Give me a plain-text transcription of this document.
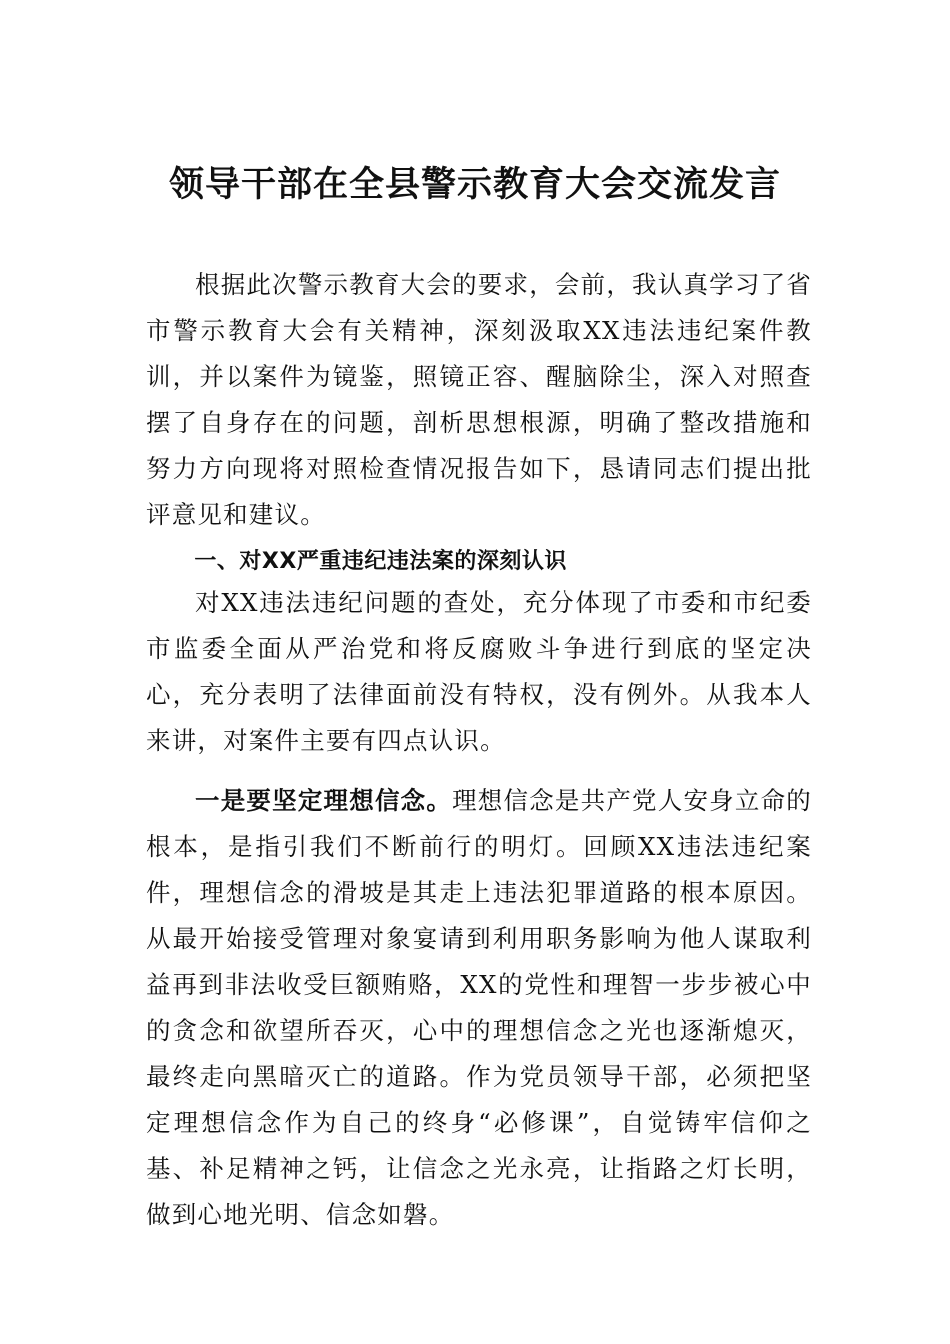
领导干部在全县警示教育大会交流发言

根据此次警示教育大会的要求，会前，我认真学习了省市警示教育大会有关精神，深刻汲取XX违法违纪案件教训，并以案件为镜鉴，照镜正容、醒脑除尘，深入对照查摆了自身存在的问题，剖析思想根源，明确了整改措施和努力方向现将对照检查情况报告如下，恳请同志们提出批评意见和建议。

一、对XX严重违纪违法案的深刻认识

对XX违法违纪问题的查处，充分体现了市委和市纪委市监委全面从严治党和将反腐败斗争进行到底的坚定决心，充分表明了法律面前没有特权，没有例外。从我本人来讲，对案件主要有四点认识。

一是要坚定理想信念。理想信念是共产党人安身立命的根本，是指引我们不断前行的明灯。回顾XX违法违纪案件，理想信念的滑坡是其走上违法犯罪道路的根本原因。从最开始接受管理对象宴请到利用职务影响为他人谋取利益再到非法收受巨额贿赂，XX的党性和理智一步步被心中的贪念和欲望所吞灭，心中的理想信念之光也逐渐熄灭，最终走向黑暗灭亡的道路。作为党员领导干部，必须把坚定理想信念作为自己的终身“必修课”，自觉铸牢信仰之基、补足精神之钙，让信念之光永亮，让指路之灯长明，做到心地光明、信念如磐。
